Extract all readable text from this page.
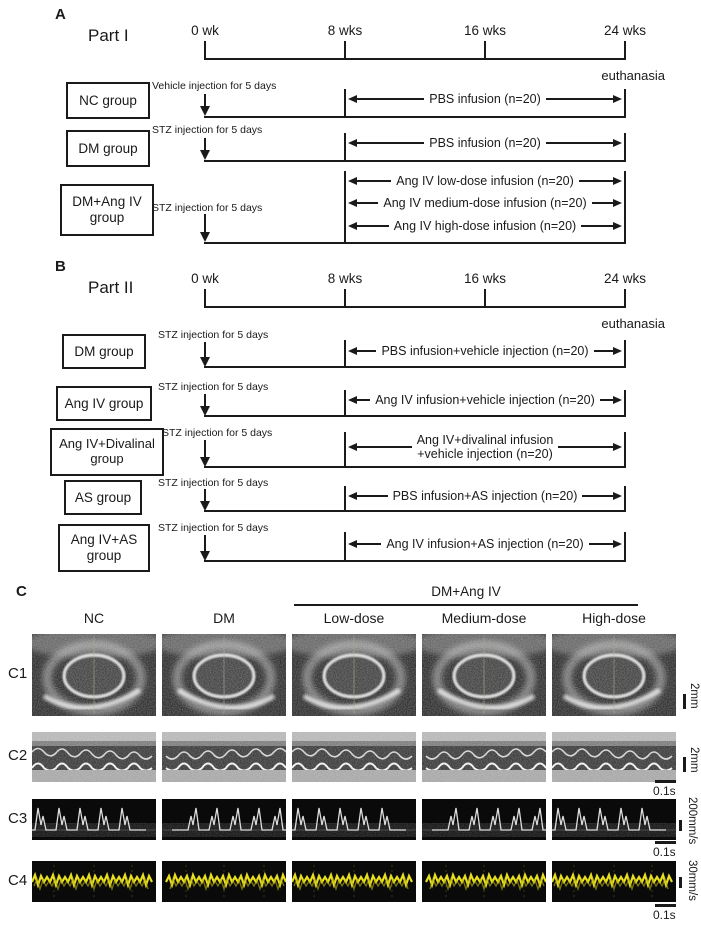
A
Part I	0 wk	8 wks	16 wks	24 wks
euthanasia
NC group
Vehicle injection for 5 days
PBS infusion (n=20)
DM group
STZ injection for 5 days
PBS infusion (n=20)
DM+Ang IV group
STZ injection for 5 days
Ang IV low-dose infusion (n=20)
Ang IV medium-dose infusion (n=20)
Ang IV high-dose infusion (n=20)
B
Part II	0 wk	8 wks	16 wks	24 wks
euthanasia
DM group
STZ injection for 5 days
PBS infusion+vehicle injection (n=20)
Ang IV group
STZ injection for 5 days
Ang IV infusion+vehicle injection (n=20)
Ang IV+Divalinal group
STZ injection for 5 days	Ang IV+divalinal infusion
+vehicle injection (n=20)
AS group
STZ injection for 5 days
PBS infusion+AS injection (n=20)
Ang IV+AS group
STZ injection for 5 days
Ang IV infusion+AS injection (n=20)
C	DM+Ang IV
NC	DM	Low-dose	Medium-dose	High-dose
C1
C2
C3
C4
2mm
2mm
0.1s
200mm/s
0.1s
30mm/s
0.1s
